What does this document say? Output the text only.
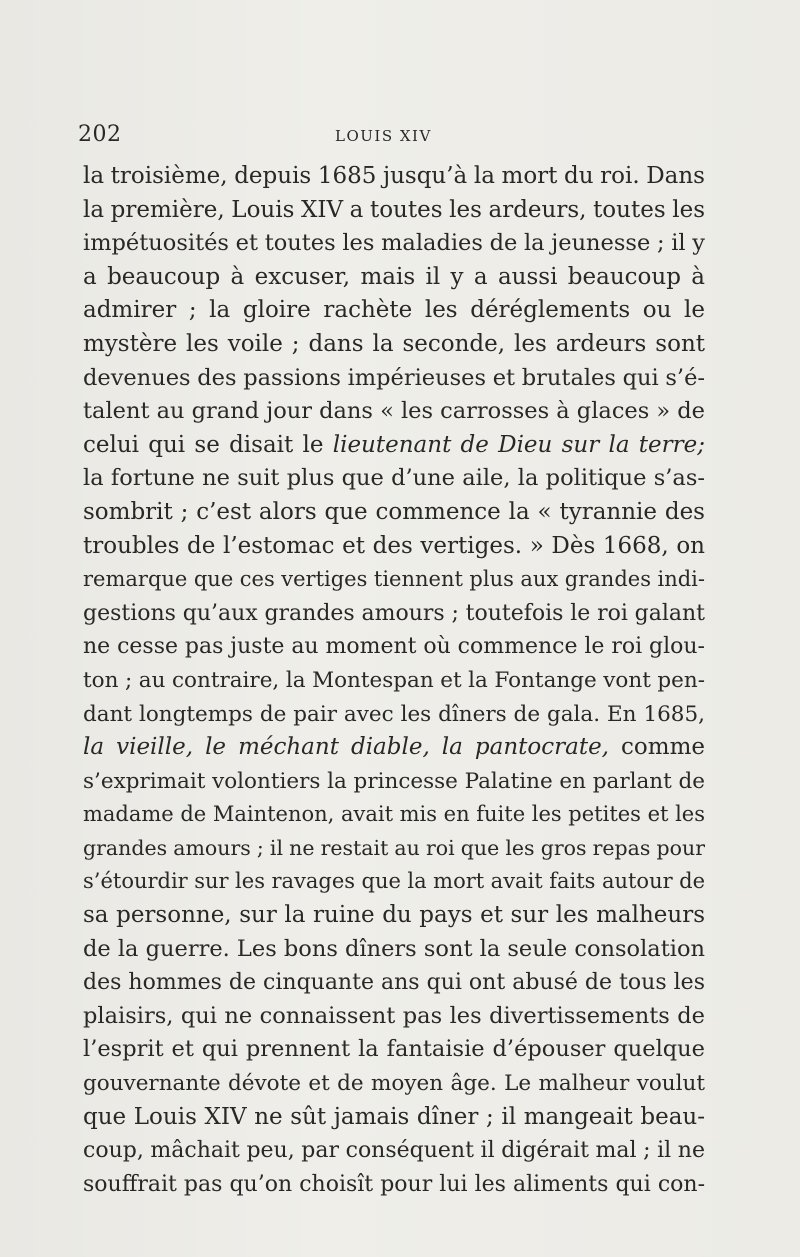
202	LOUIS XIV
la troisième, depuis 1685 jusqu’à la mort du roi. Dans
la première, Louis XIV a toutes les ardeurs, toutes les
impétuosités et toutes les maladies de la jeunesse ; il y
a beaucoup à excuser, mais il y a aussi beaucoup à
admirer ; la gloire rachète les déréglements ou le
mystère les voile ; dans la seconde, les ardeurs sont
devenues des passions impérieuses et brutales qui s’é-
talent au grand jour dans « les carrosses à glaces » de
celui qui se disait le lieutenant de Dieu sur la terre;
la fortune ne suit plus que d’une aile, la politique s’as-
sombrit ; c’est alors que commence la « tyrannie des
troubles de l’estomac et des vertiges. » Dès 1668, on
remarque que ces vertiges tiennent plus aux grandes indi-
gestions qu’aux grandes amours ; toutefois le roi galant
ne cesse pas juste au moment où commence le roi glou-
ton ; au contraire, la Montespan et la Fontange vont pen-
dant longtemps de pair avec les dîners de gala. En 1685,
la vieille, le méchant diable, la pantocrate, comme
s’exprimait volontiers la princesse Palatine en parlant de
madame de Maintenon, avait mis en fuite les petites et les
grandes amours ; il ne restait au roi que les gros repas pour
s’étourdir sur les ravages que la mort avait faits autour de
sa personne, sur la ruine du pays et sur les malheurs
de la guerre. Les bons dîners sont la seule consolation
des hommes de cinquante ans qui ont abusé de tous les
plaisirs, qui ne connaissent pas les divertissements de
l’esprit et qui prennent la fantaisie d’épouser quelque
gouvernante dévote et de moyen âge. Le malheur voulut
que Louis XIV ne sût jamais dîner ; il mangeait beau-
coup, mâchait peu, par conséquent il digérait mal ; il ne
souffrait pas qu’on choisît pour lui les aliments qui con-
